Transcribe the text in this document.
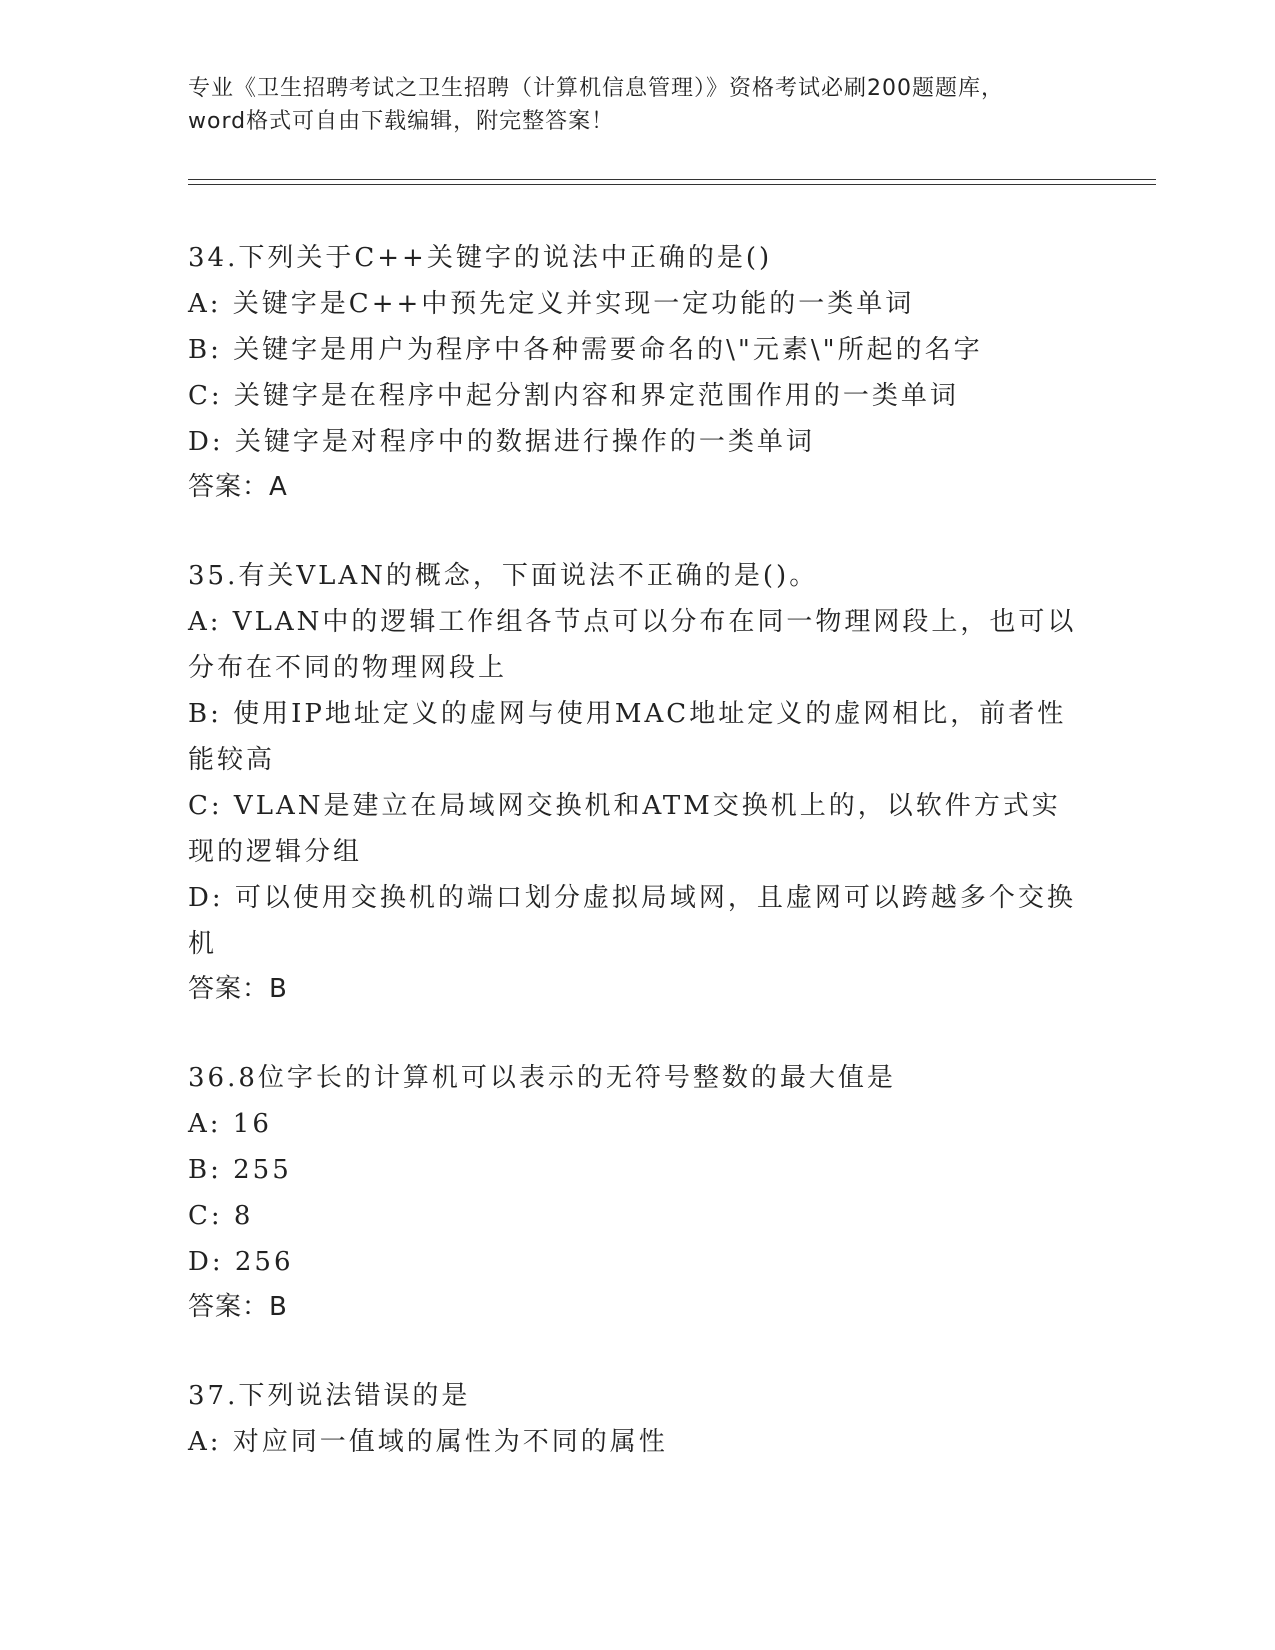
专业《卫生招聘考试之卫生招聘（计算机信息管理）》资格考试必刷200题题库，
word格式可自由下载编辑，附完整答案！

34.下列关于C++关键字的说法中正确的是()

A: 关键字是C++中预先定义并实现一定功能的一类单词

B: 关键字是用户为程序中各种需要命名的\"元素\"所起的名字

C: 关键字是在程序中起分割内容和界定范围作用的一类单词

D: 关键字是对程序中的数据进行操作的一类单词

答案：A

35.有关VLAN的概念，下面说法不正确的是()。

A: VLAN中的逻辑工作组各节点可以分布在同一物理网段上，也可以分布在不同的物理网段上

B: 使用IP地址定义的虚网与使用MAC地址定义的虚网相比，前者性能较高

C: VLAN是建立在局域网交换机和ATM交换机上的，以软件方式实现的逻辑分组

D: 可以使用交换机的端口划分虚拟局域网，且虚网可以跨越多个交换机

答案：B

36.8位字长的计算机可以表示的无符号整数的最大值是

A: 16

B: 255

C: 8

D: 256

答案：B

37.下列说法错误的是

A: 对应同一值域的属性为不同的属性
